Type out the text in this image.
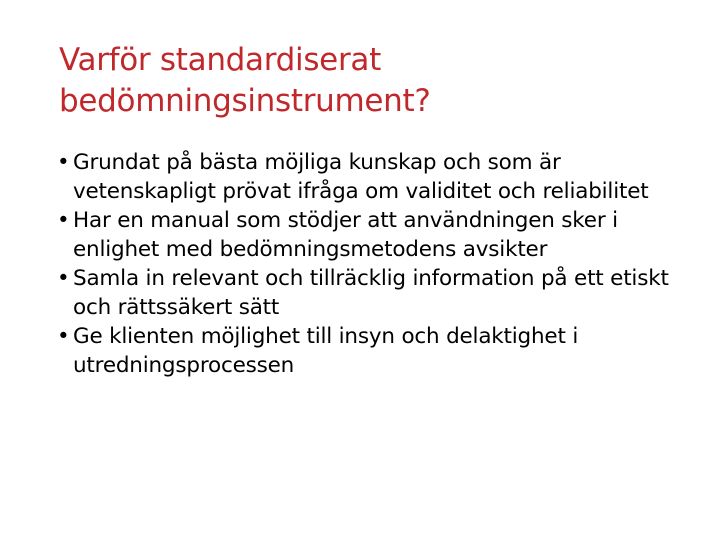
Varför standardiserat
bedömningsinstrument?
• Grundat på bästa möjliga kunskap och som är vetenskapligt prövat ifråga om validitet och reliabilitet
• Har en manual som stödjer att användningen sker i enlighet med bedömningsmetodens avsikter
• Samla in relevant och tillräcklig information på ett etiskt och rättssäkert sätt
• Ge klienten möjlighet till insyn och delaktighet i utredningsprocessen
